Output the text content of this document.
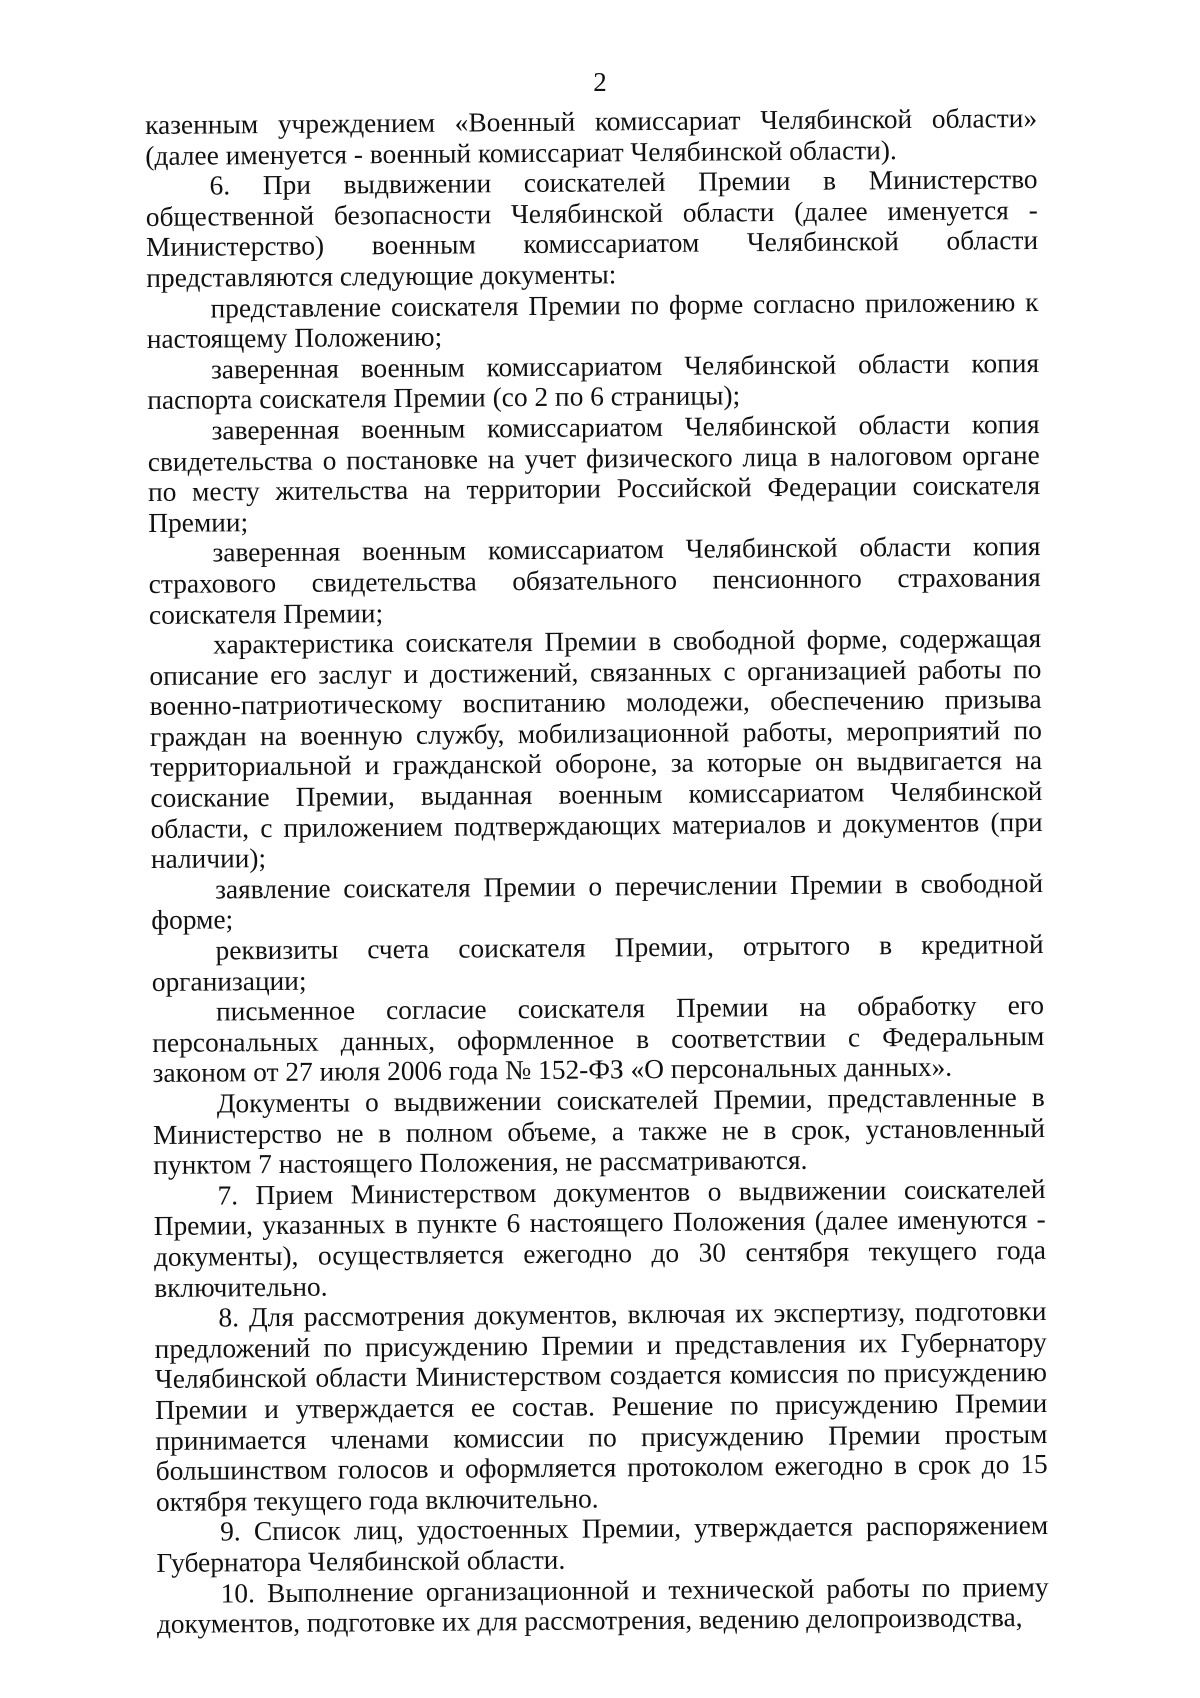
2

казенным учреждением «Военный комиссариат Челябинской области» (далее именуется - военный комиссариат Челябинской области).

6. При выдвижении соискателей Премии в Министерство общественной безопасности Челябинской области (далее именуется - Министерство) военным комиссариатом Челябинской области представляются следующие документы:

представление соискателя Премии по форме согласно приложению к настоящему Положению;

заверенная военным комиссариатом Челябинской области копия паспорта соискателя Премии (со 2 по 6 страницы);

заверенная военным комиссариатом Челябинской области копия свидетельства о постановке на учет физического лица в налоговом органе по месту жительства на территории Российской Федерации соискателя Премии;

заверенная военным комиссариатом Челябинской области копия страхового свидетельства обязательного пенсионного страхования соискателя Премии;

характеристика соискателя Премии в свободной форме, содержащая описание его заслуг и достижений, связанных с организацией работы по военно-патриотическому воспитанию молодежи, обеспечению призыва граждан на военную службу, мобилизационной работы, мероприятий по территориальной и гражданской обороне, за которые он выдвигается на соискание Премии, выданная военным комиссариатом Челябинской области, с приложением подтверждающих материалов и документов (при наличии);

заявление соискателя Премии о перечислении Премии в свободной форме;

реквизиты счета соискателя Премии, отрытого в кредитной организации;

письменное согласие соискателя Премии на обработку его персональных данных, оформленное в соответствии с Федеральным законом от 27 июля 2006 года № 152-ФЗ «О персональных данных».

Документы о выдвижении соискателей Премии, представленные в Министерство не в полном объеме, а также не в срок, установленный пунктом 7 настоящего Положения, не рассматриваются.

7. Прием Министерством документов о выдвижении соискателей Премии, указанных в пункте 6 настоящего Положения (далее именуются - документы), осуществляется ежегодно до 30 сентября текущего года включительно.

8. Для рассмотрения документов, включая их экспертизу, подготовки предложений по присуждению Премии и представления их Губернатору Челябинской области Министерством создается комиссия по присуждению Премии и утверждается ее состав. Решение по присуждению Премии принимается членами комиссии по присуждению Премии простым большинством голосов и оформляется протоколом ежегодно в срок до 15 октября текущего года включительно.

9. Список лиц, удостоенных Премии, утверждается распоряжением Губернатора Челябинской области.

10. Выполнение организационной и технической работы по приему документов, подготовке их для рассмотрения, ведению делопроизводства,
